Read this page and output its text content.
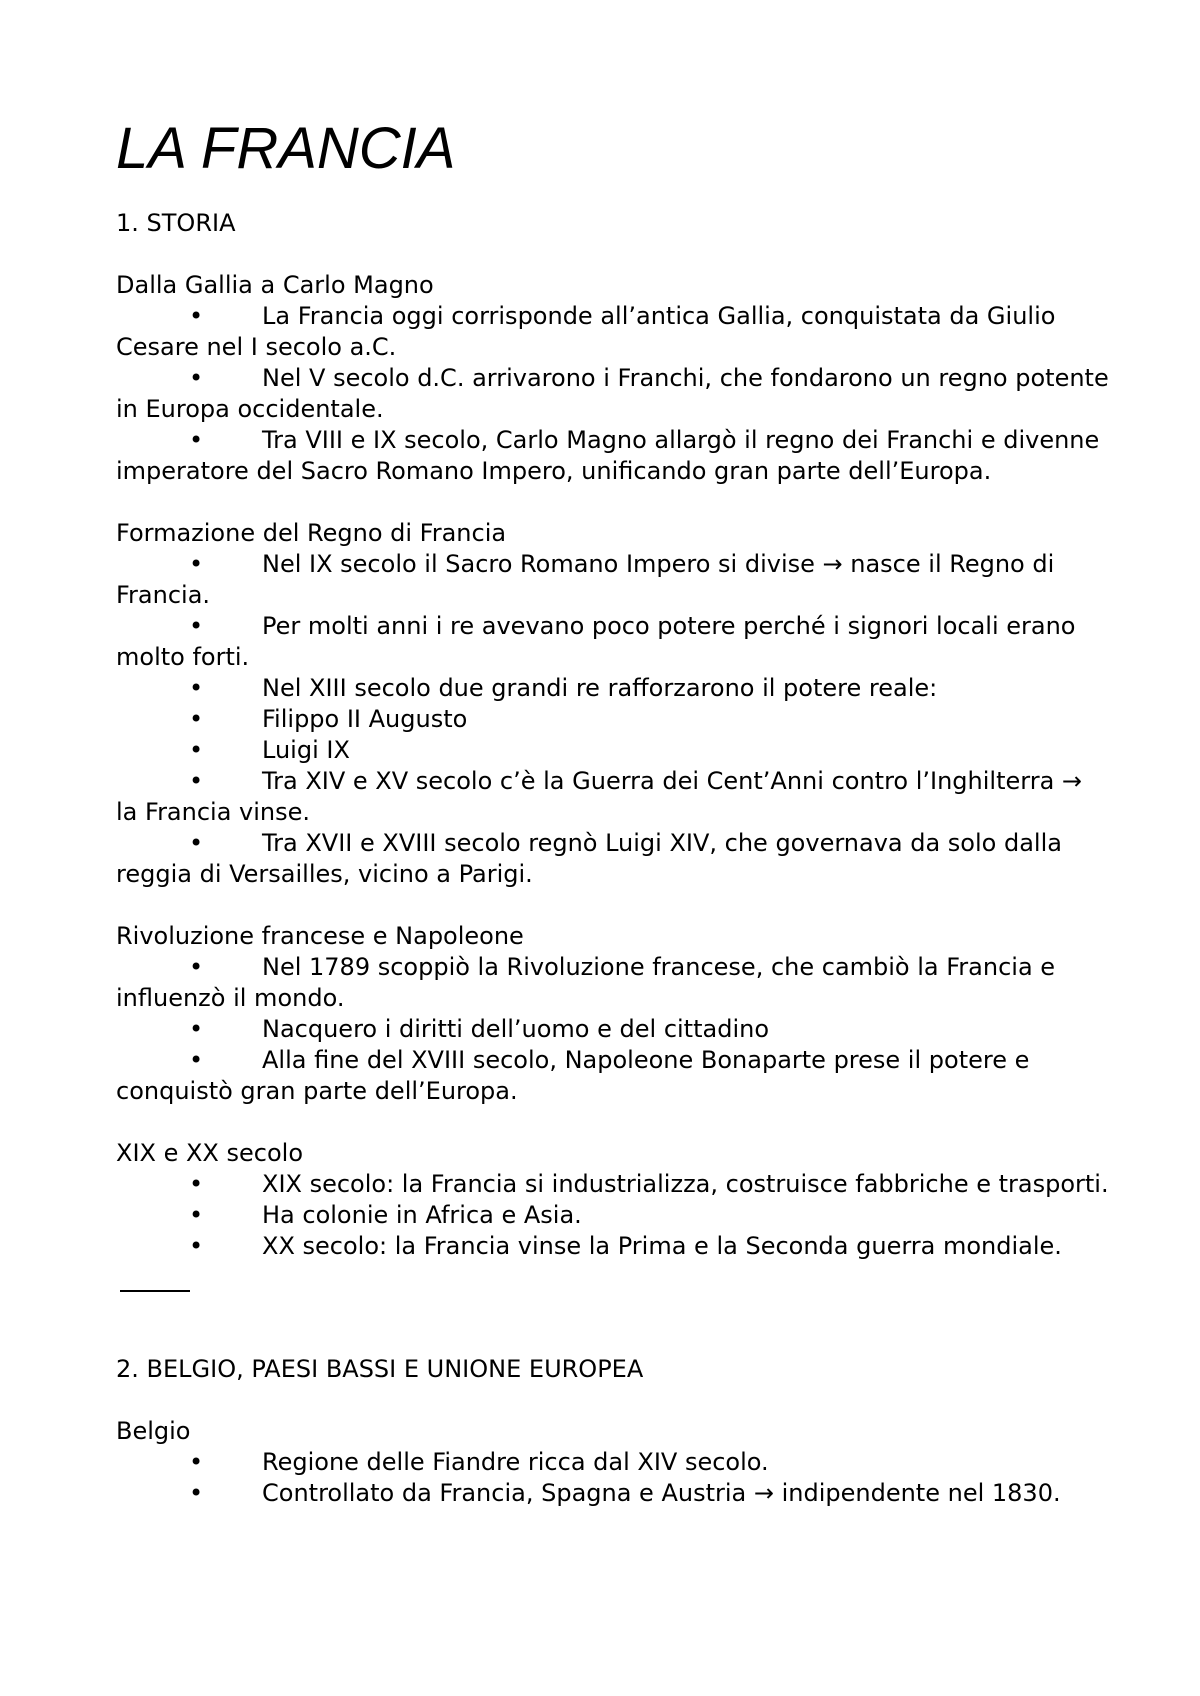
LA FRANCIA

1. STORIA

Dalla Gallia a Carlo Magno

• La Francia oggi corrisponde all’antica Gallia, conquistata da Giulio Cesare nel I secolo a.C.

• Nel V secolo d.C. arrivarono i Franchi, che fondarono un regno potente in Europa occidentale.

• Tra VIII e IX secolo, Carlo Magno allargò il regno dei Franchi e divenne imperatore del Sacro Romano Impero, unificando gran parte dell’Europa.

Formazione del Regno di Francia

• Nel IX secolo il Sacro Romano Impero si divise → nasce il Regno di Francia.

• Per molti anni i re avevano poco potere perché i signori locali erano molto forti.

• Nel XIII secolo due grandi re rafforzarono il potere reale:

• Filippo II Augusto

• Luigi IX

• Tra XIV e XV secolo c’è la Guerra dei Cent’Anni contro l’Inghilterra →

la Francia vinse.

• Tra XVII e XVIII secolo regnò Luigi XIV, che governava da solo dalla reggia di Versailles, vicino a Parigi.

Rivoluzione francese e Napoleone

• Nel 1789 scoppiò la Rivoluzione francese, che cambiò la Francia e influenzò il mondo.

• Nacquero i diritti dell’uomo e del cittadino

• Alla fine del XVIII secolo, Napoleone Bonaparte prese il potere e conquistò gran parte dell’Europa.

XIX e XX secolo

• XIX secolo: la Francia si industrializza, costruisce fabbriche e trasporti.

• Ha colonie in Africa e Asia.

• XX secolo: la Francia vinse la Prima e la Seconda guerra mondiale.

2. BELGIO, PAESI BASSI E UNIONE EUROPEA

Belgio

• Regione delle Fiandre ricca dal XIV secolo.

• Controllato da Francia, Spagna e Austria → indipendente nel 1830.
